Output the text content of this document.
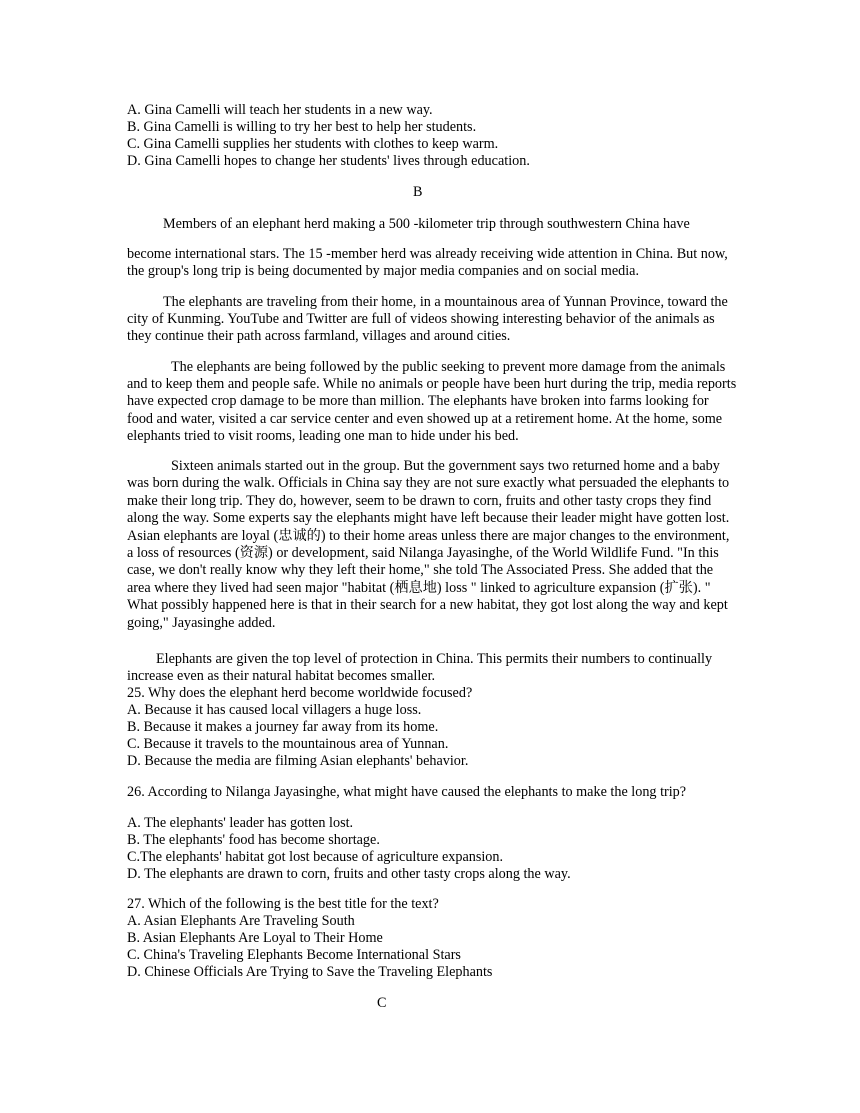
A. Gina Camelli will teach her students in a new way.
B. Gina Camelli is willing to try her best to help her students.
C. Gina Camelli supplies her students with clothes to keep warm.
D. Gina Camelli hopes to change her students' lives through education.
B
Members of an elephant herd making a 500 -kilometer trip through southwestern China have

become international stars. The 15 -member herd was already receiving wide attention in China. But now, the group's long trip is being documented by major media companies and on social media.

The elephants are traveling from their home, in a mountainous area of Yunnan Province, toward the city of Kunming. YouTube and Twitter are full of videos showing interesting behavior of the animals as they continue their path across farmland, villages and around cities.

The elephants are being followed by the public seeking to prevent more damage from the animals and to keep them and people safe. While no animals or people have been hurt during the trip, media reports have expected crop damage to be more than million. The elephants have broken into farms looking for food and water, visited a car service center and even showed up at a retirement home. At the home, some elephants tried to visit rooms, leading one man to hide under his bed.

Sixteen animals started out in the group. But the government says two returned home and a baby was born during the walk. Officials in China say they are not sure exactly what persuaded the elephants to make their long trip. They do, however, seem to be drawn to corn, fruits and other tasty crops they find along the way. Some experts say the elephants might have left because their leader might have gotten lost. Asian elephants are loyal (忠诚的) to their home areas unless there are major changes to the environment, a loss of resources (资源) or development, said Nilanga Jayasinghe, of the World Wildlife Fund. "In this case, we don't really know why they left their home," she told The Associated Press. She added that the area where they lived had seen major "habitat (栖息地) loss " linked to agriculture expansion (扩张). " What possibly happened here is that in their search for a new habitat, they got lost along the way and kept going," Jayasinghe added.

Elephants are given the top level of protection in China. This permits their numbers to continually increase even as their natural habitat becomes smaller.

25. Why does the elephant herd become worldwide focused?
A. Because it has caused local villagers a huge loss.
B. Because it makes a journey far away from its home.
C. Because it travels to the mountainous area of Yunnan.
D. Because the media are filming Asian elephants' behavior.
26. According to Nilanga Jayasinghe, what might have caused the elephants to make the long trip?
A. The elephants' leader has gotten lost.
B. The elephants' food has become shortage.
C.The elephants' habitat got lost because of agriculture expansion.
D. The elephants are drawn to corn, fruits and other tasty crops along the way.
27. Which of the following is the best title for the text?
A. Asian Elephants Are Traveling South
B. Asian Elephants Are Loyal to Their Home
C. China's Traveling Elephants Become International Stars
D. Chinese Officials Are Trying to Save the Traveling Elephants
C
